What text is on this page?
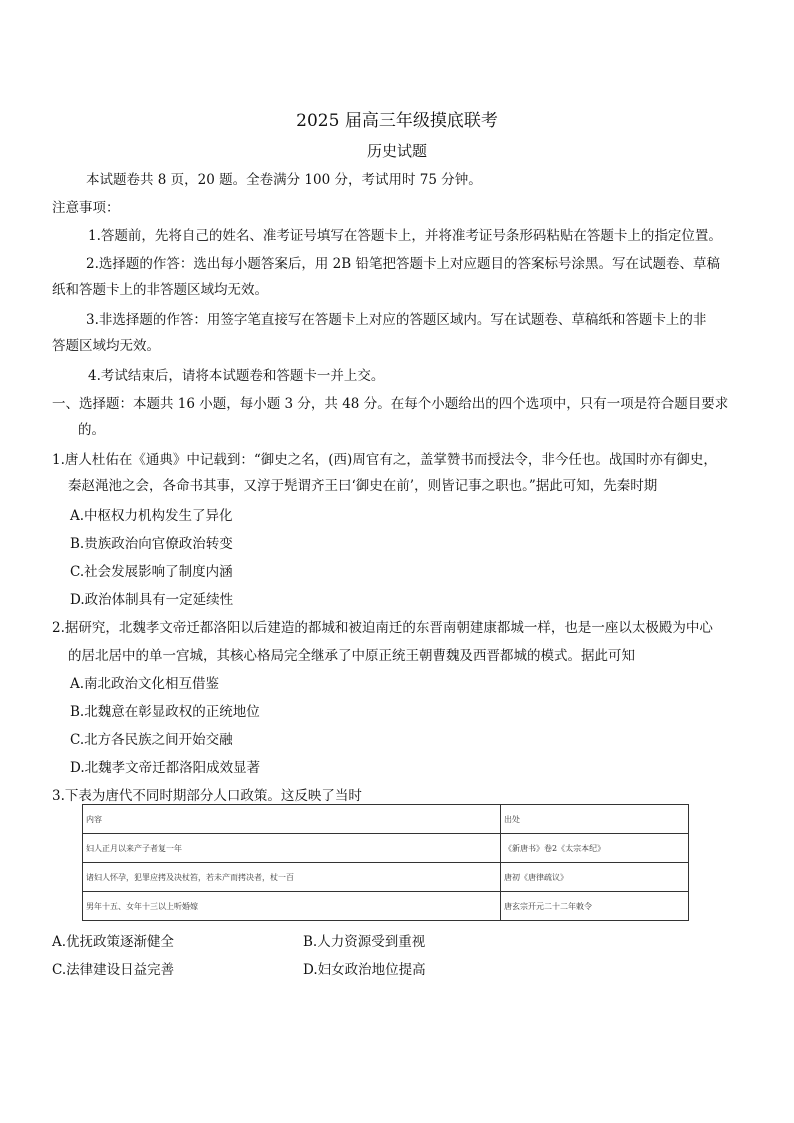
2025 届高三年级摸底联考
历史试题
本试题卷共 8 页，20 题。全卷满分 100 分，考试用时 75 分钟。
注意事项：
1.答题前，先将自己的姓名、准考证号填写在答题卡上，并将准考证号条形码粘贴在答题卡上的指定位置。
2.选择题的作答：选出每小题答案后，用 2B 铅笔把答题卡上对应题目的答案标号涂黑。写在试题卷、草稿
纸和答题卡上的非答题区域均无效。
3.非选择题的作答：用签字笔直接写在答题卡上对应的答题区域内。写在试题卷、草稿纸和答题卡上的非
答题区域均无效。
4.考试结束后，请将本试题卷和答题卡一并上交。
一、选择题：本题共 16 小题，每小题 3 分，共 48 分。在每个小题给出的四个选项中，只有一项是符合题目要求
的。
1.唐人杜佑在《通典》中记载到：“御史之名，(西)周官有之，盖掌赞书而授法令，非今任也。战国时亦有御史，
秦赵渑池之会，各命书其事，又淳于髡谓齐王曰‘御史在前’，则皆记事之职也。”据此可知，先秦时期
A.中枢权力机构发生了异化
B.贵族政治向官僚政治转变
C.社会发展影响了制度内涵
D.政治体制具有一定延续性
2.据研究，北魏孝文帝迁都洛阳以后建造的都城和被迫南迁的东晋南朝建康都城一样，也是一座以太极殿为中心
的居北居中的单一宫城，其核心格局完全继承了中原正统王朝曹魏及西晋都城的模式。据此可知
A.南北政治文化相互借鉴
B.北魏意在彰显政权的正统地位
C.北方各民族之间开始交融
D.北魏孝文帝迁都洛阳成效显著
3.下表为唐代不同时期部分人口政策。这反映了当时
内容	出处
妇人正月以来产子者复一年	《新唐书》卷2《太宗本纪》
诸妇人怀孕，犯罪应拷及决杖笞，若未产而拷决者，杖一百	唐初《唐律疏议》
男年十五、女年十三以上听婚嫁	唐玄宗开元二十二年敕令
A.优抚政策逐渐健全	B.人力资源受到重视
C.法律建设日益完善	D.妇女政治地位提高
